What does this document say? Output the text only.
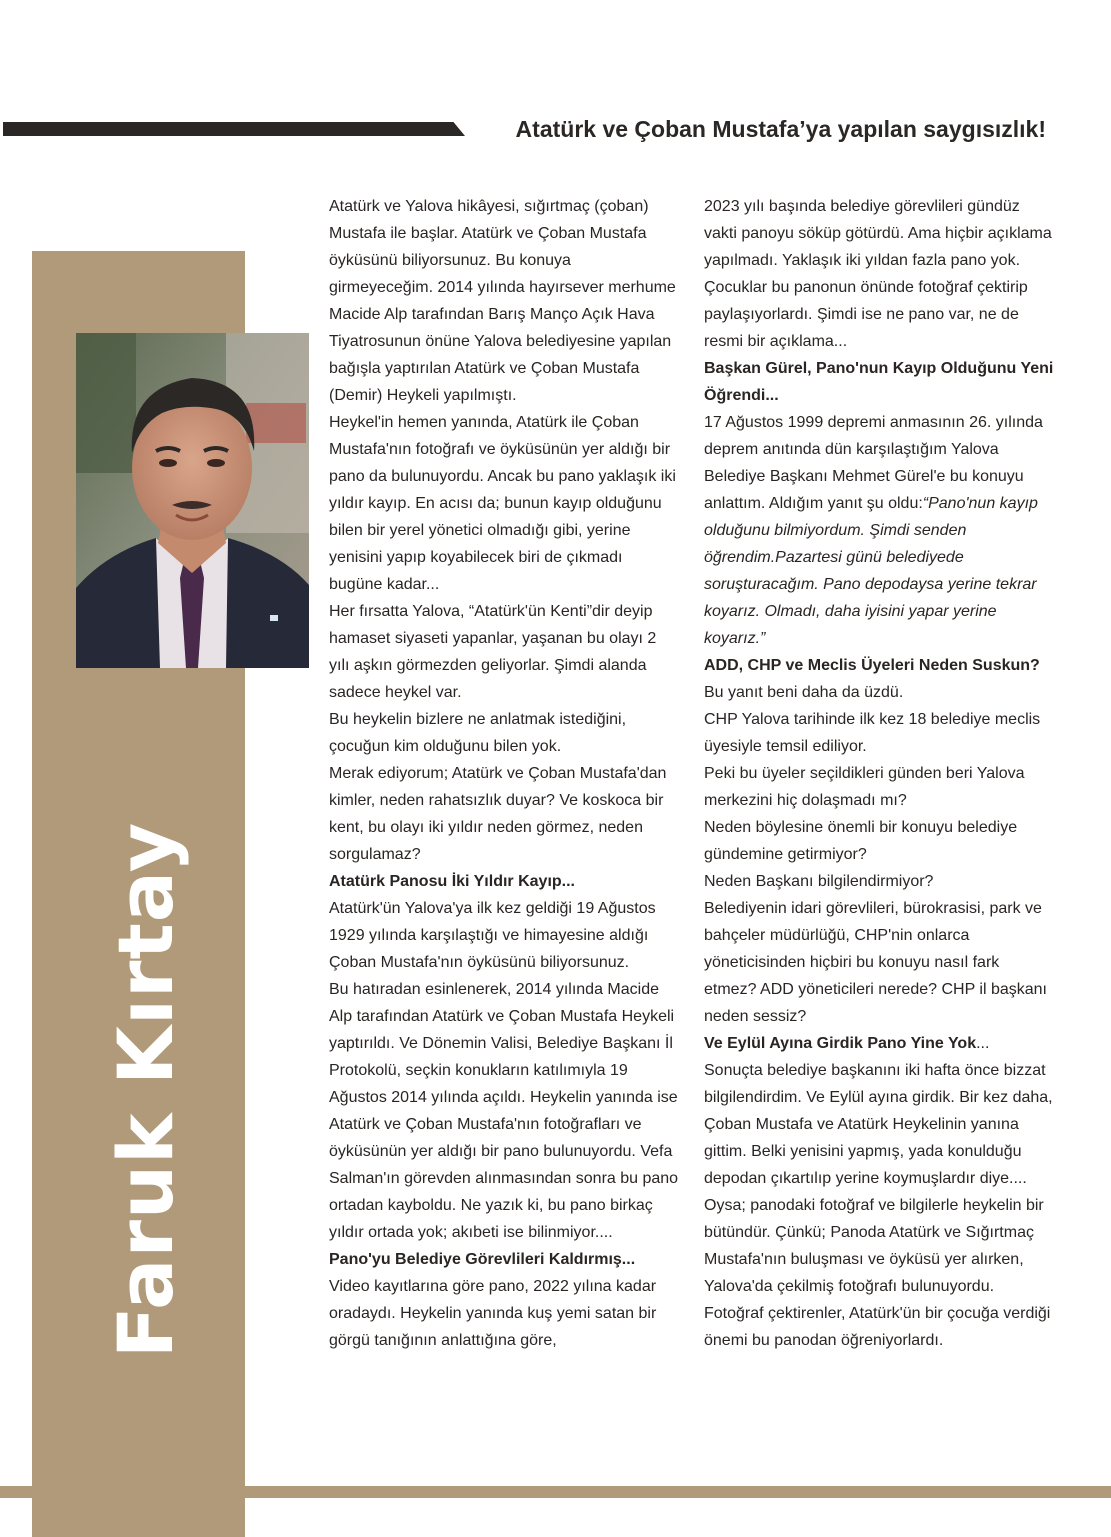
Atatürk ve Çoban Mustafa’ya yapılan saygısızlık!
Faruk Kırtay

Atatürk ve Yalova hikâyesi, sığırtmaç (çoban) Mustafa ile başlar. Atatürk ve Çoban Mustafa öyküsünü biliyorsunuz. Bu konuya girmeyeceğim. 2014 yılında hayırsever merhume Macide Alp tarafından Barış Manço Açık Hava Tiyatrosunun önüne Yalova belediyesine yapılan bağışla yaptırılan Atatürk ve Çoban Mustafa (Demir) Heykeli yapılmıştı.

Heykel'in hemen yanında, Atatürk ile Çoban Mustafa'nın fotoğrafı ve öyküsünün yer aldığı bir pano da bulunuyordu. Ancak bu pano yaklaşık iki yıldır kayıp. En acısı da; bunun kayıp olduğunu bilen bir yerel yönetici olmadığı gibi, yerine yenisini yapıp koyabilecek biri de çıkmadı bugüne kadar...

Her fırsatta Yalova, “Atatürk'ün Kenti”dir deyip hamaset siyaseti yapanlar, yaşanan bu olayı 2 yılı aşkın görmezden geliyorlar. Şimdi alanda sadece heykel var.

Bu heykelin bizlere ne anlatmak istediğini, çocuğun kim olduğunu bilen yok.

Merak ediyorum; Atatürk ve Çoban Mustafa'dan kimler, neden rahatsızlık duyar? Ve koskoca bir kent, bu olayı iki yıldır neden görmez, neden sorgulamaz?

Atatürk Panosu İki Yıldır Kayıp...

Atatürk'ün Yalova'ya ilk kez geldiği 19 Ağustos 1929 yılında karşılaştığı ve himayesine aldığı Çoban Mustafa'nın öyküsünü biliyorsunuz.

Bu hatıradan esinlenerek, 2014 yılında Macide Alp tarafından Atatürk ve Çoban Mustafa Heykeli yaptırıldı. Ve Dönemin Valisi, Belediye Başkanı İl Protokolü, seçkin konukların katılımıyla 19 Ağustos 2014 yılında açıldı. Heykelin yanında ise Atatürk ve Çoban Mustafa'nın fotoğrafları ve öyküsünün yer aldığı bir pano bulunuyordu. Vefa Salman'ın görevden alınmasından sonra bu pano ortadan kayboldu. Ne yazık ki, bu pano birkaç yıldır ortada yok; akıbeti ise bilinmiyor....

Pano'yu Belediye Görevlileri Kaldırmış...

Video kayıtlarına göre pano, 2022 yılına kadar oradaydı. Heykelin yanında kuş yemi satan bir görgü tanığının anlattığına göre,

2023 yılı başında belediye görevlileri gündüz vakti panoyu söküp götürdü. Ama hiçbir açıklama yapılmadı. Yaklaşık iki yıldan fazla pano yok. Çocuklar bu panonun önünde fotoğraf çektirip paylaşıyorlardı. Şimdi ise ne pano var, ne de resmi bir açıklama...

Başkan Gürel, Pano'nun Kayıp Olduğunu Yeni Öğrendi...

17 Ağustos 1999 depremi anmasının 26. yılında deprem anıtında dün karşılaştığım Yalova Belediye Başkanı Mehmet Gürel'e bu konuyu anlattım. Aldığım yanıt şu oldu:“Pano'nun kayıp olduğunu bilmiyordum. Şimdi senden öğrendim.Pazartesi günü belediyede soruşturacağım. Pano depodaysa yerine tekrar koyarız. Olmadı, daha iyisini yapar yerine koyarız.”

ADD, CHP ve Meclis Üyeleri Neden Suskun?

Bu yanıt beni daha da üzdü.

CHP Yalova tarihinde ilk kez 18 belediye meclis üyesiyle temsil ediliyor.

Peki bu üyeler seçildikleri günden beri Yalova merkezini hiç dolaşmadı mı?

Neden böylesine önemli bir konuyu belediye gündemine getirmiyor?

Neden Başkanı bilgilendirmiyor?

Belediyenin idari görevlileri, bürokrasisi, park ve bahçeler müdürlüğü, CHP'nin onlarca yöneticisinden hiçbiri bu konuyu nasıl fark etmez? ADD yöneticileri nerede? CHP il başkanı neden sessiz?

Ve Eylül Ayına Girdik Pano Yine Yok...

Sonuçta belediye başkanını iki hafta önce bizzat bilgilendirdim. Ve Eylül ayına girdik. Bir kez daha, Çoban Mustafa ve Atatürk Heykelinin yanına gittim. Belki yenisini yapmış, yada konulduğu depodan çıkartılıp yerine koymuşlardır diye....

Oysa; panodaki fotoğraf ve bilgilerle heykelin bir bütündür. Çünkü; Panoda Atatürk ve Sığırtmaç Mustafa'nın buluşması ve öyküsü yer alırken, Yalova'da çekilmiş fotoğrafı bulunuyordu. Fotoğraf çektirenler, Atatürk'ün bir çocuğa verdiği önemi bu panodan öğreniyorlardı.
